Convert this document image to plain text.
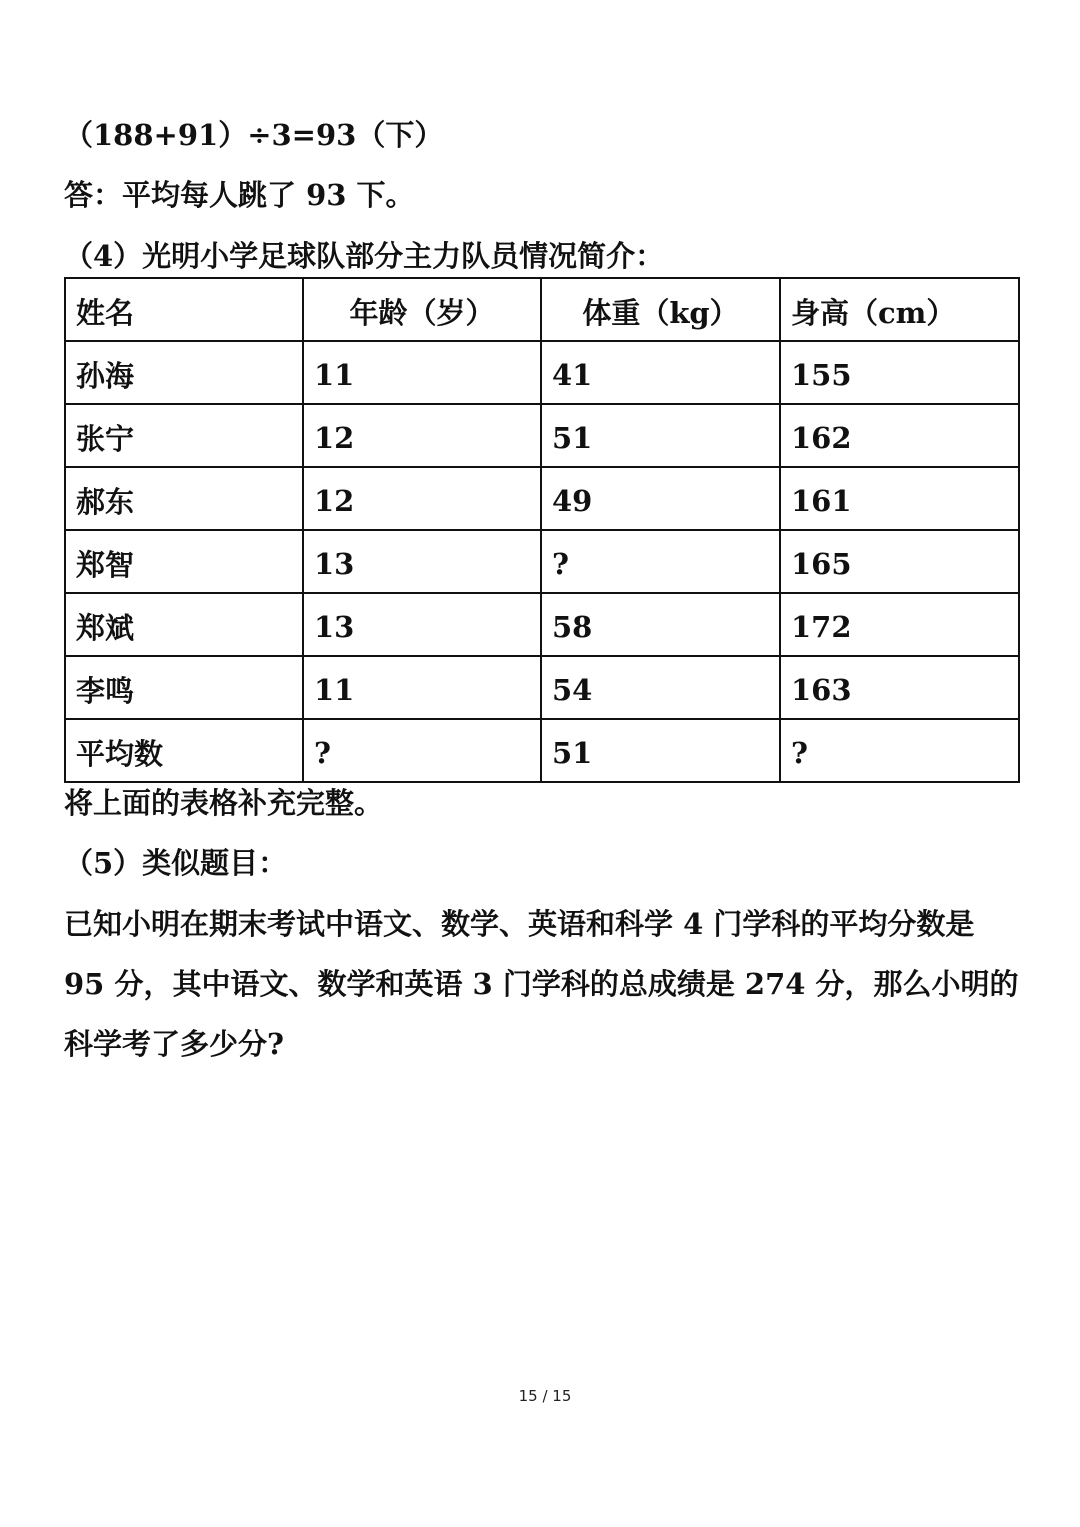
（188+91）÷3=93（下）

答：平均每人跳了 93 下。

（4）光明小学足球队部分主力队员情况简介：

姓名	年龄（岁）	体重（kg）	身高（cm）
孙海	11	41	155
张宁	12	51	162
郝东	12	49	161
郑智	13	?	165
郑斌	13	58	172
李鸣	11	54	163
平均数	?	51	?

将上面的表格补充完整。

（5）类似题目：

已知小明在期末考试中语文、数学、英语和科学 4 门学科的平均分数是 95 分，其中语文、数学和英语 3 门学科的总成绩是 274 分，那么小明的科学考了多少分?

15 / 15
